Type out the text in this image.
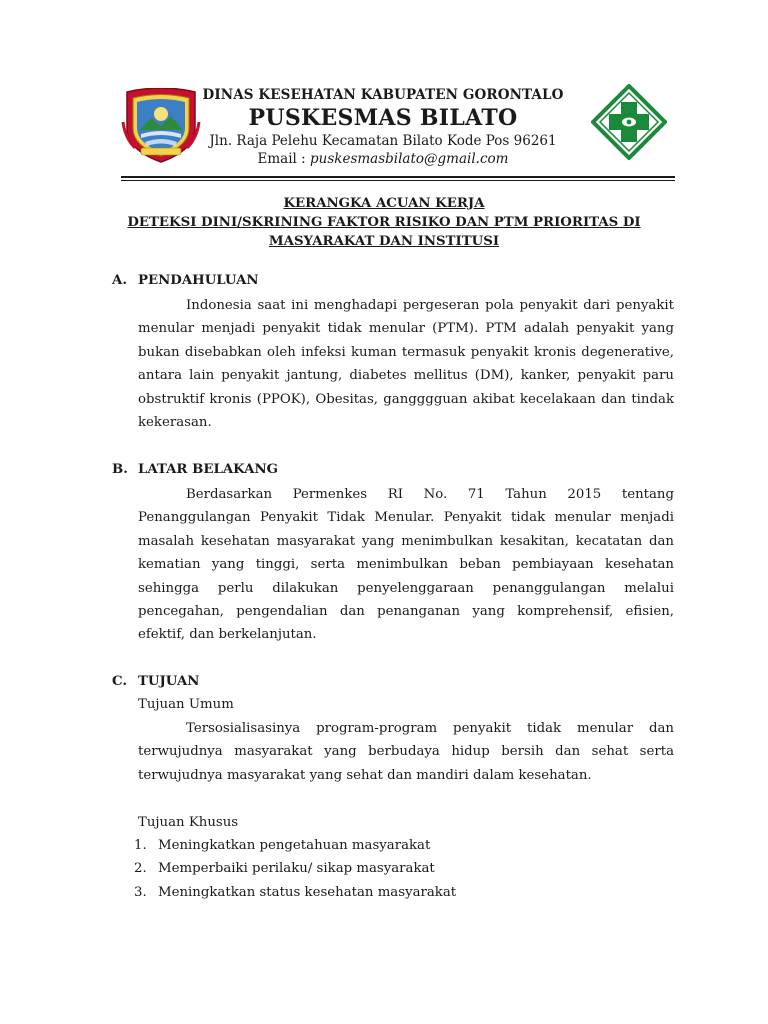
DINAS KESEHATAN KABUPATEN GORONTALO
PUSKESMAS BILATO
Jln. Raja Pelehu Kecamatan Bilato Kode Pos 96261
Email : puskesmasbilato@gmail.com
KERANGKA ACUAN KERJA
DETEKSI DINI/SKRINING FAKTOR RISIKO DAN PTM PRIORITAS DI
MASYARAKAT DAN INSTITUSI
A. PENDAHULUAN

Indonesia saat ini menghadapi pergeseran pola penyakit dari penyakit menular menjadi penyakit tidak menular (PTM). PTM adalah penyakit yang bukan disebabkan oleh infeksi kuman termasuk penyakit kronis degenerative, antara lain penyakit jantung, diabetes mellitus (DM), kanker, penyakit paru obstruktif kronis (PPOK), Obesitas, gangggguan akibat kecelakaan dan tindak kekerasan.

B. LATAR BELAKANG

Berdasarkan Permenkes RI No. 71 Tahun 2015 tentang Penanggulangan Penyakit Tidak Menular. Penyakit tidak menular menjadi masalah kesehatan masyarakat yang menimbulkan kesakitan, kecatatan dan kematian yang tinggi, serta menimbulkan beban pembiayaan kesehatan sehingga perlu dilakukan penyelenggaraan penanggulangan melalui pencegahan, pengendalian dan penanganan yang komprehensif, efisien, efektif, dan berkelanjutan.

C. TUJUAN
Tujuan Umum

Tersosialisasinya program-program penyakit tidak menular dan terwujudnya masyarakat yang berbudaya hidup bersih dan sehat serta terwujudnya masyarakat yang sehat dan mandiri dalam kesehatan.

Tujuan Khusus
1. Meningkatkan pengetahuan masyarakat
2. Memperbaiki perilaku/ sikap masyarakat
3. Meningkatkan status kesehatan masyarakat
